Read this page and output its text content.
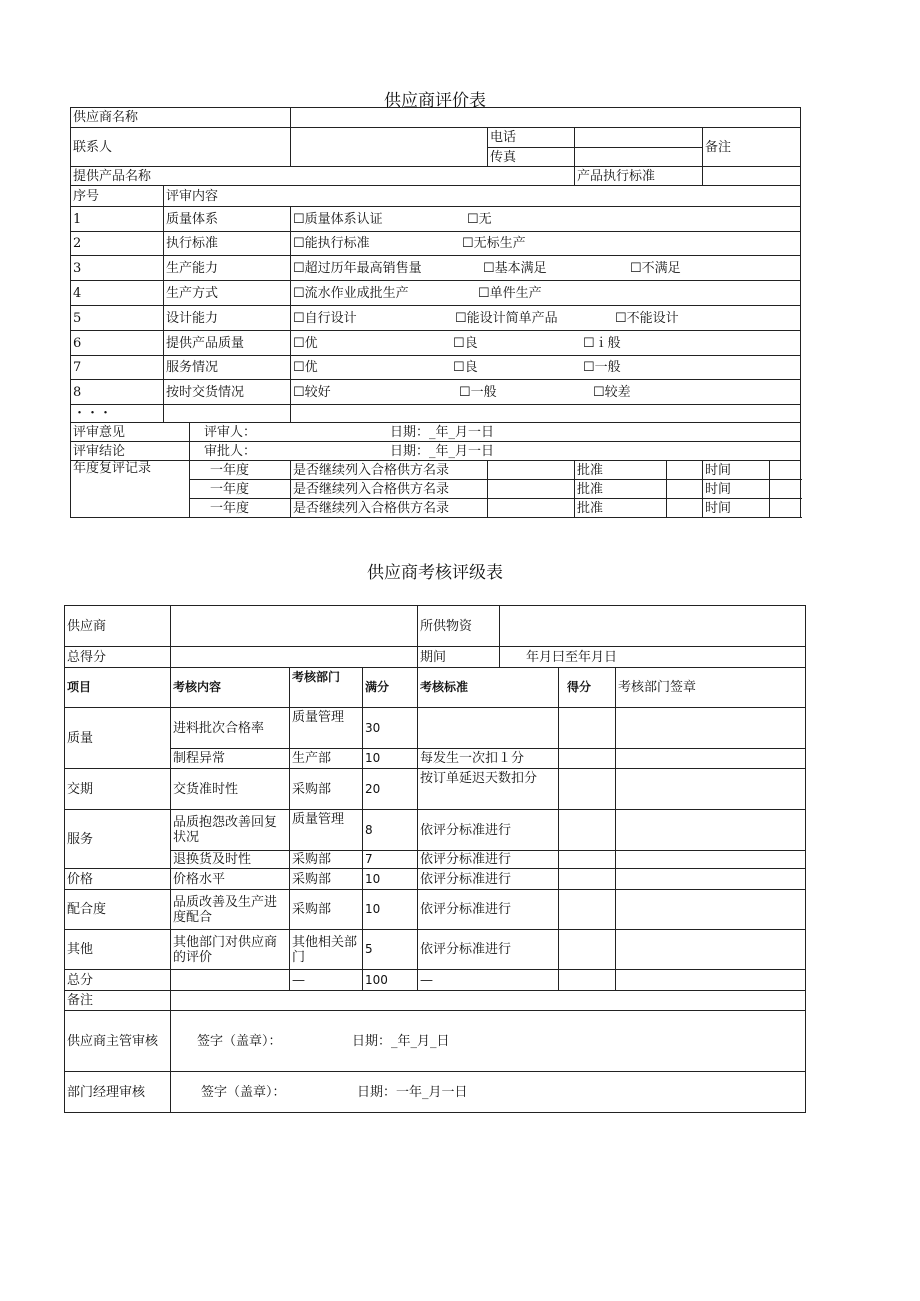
供应商评价表
供应商名称								
联系人				电话			备注	
				传真				
提供产品名称					产品执行标准			
序号	评审内容							
1	质量体系		☐质量体系认证 ☐无					
2	执行标准		☐能执行标准 ☐无标生产					
3	生产能力		☐超过历年最高销售量 ☐基本满足 ☐不满足					
4	生产方式		☐流水作业成批生产 ☐单件生产					
5	设计能力		☐自行设计 ☐能设计简单产品 ☐不能设计					
6	提供产品质量		☐优 ☐良 ☐ｉ般					
7	服务情况		☐优 ☐良 ☐一般					
8	按时交货情况		☐较好 ☐一般 ☐较差					
・・・								
评审意见		评审人： 日期：_年_月一日						
评审结论		审批人： 日期：_年_月一日						
年度复评记录		一年度	是否继续列入合格供方名录		批准		时间	
		一年度	是否继续列入合格供方名录		批准		时间	
		一年度	是否继续列入合格供方名录		批准		时间	
供应商考核评级表
供应商				所供物资			
总得分				期间	年月曰至年月日		
项目	考核内容	考核部门	满分	考核标准		得分	考核部门签章
质量	进料批次合格率	质量管理	30				
	制程异常	生产部	10	每发生一次扣１分			
交期	交货准时性	采购部	20	按订单延迟天数扣分			
服务	品质抱怨改善回复状况	质量管理	8	依评分标准进行			
	退换货及时性	采购部	7	依评分标准进行			
价格	价格水平	采购部	10	依评分标准进行			
配合度	品质改善及生产进度配合	采购部	10	依评分标准进行			
其他	其他部门对供应商的评价	其他相关部门	5	依评分标准进行			
总分		—	100	—			
备注							
供应商主管审核	签字（盖章）： 日期：_年_月_日						
部门经理审核	签字（盖章）： 日期：一年_月一日						
